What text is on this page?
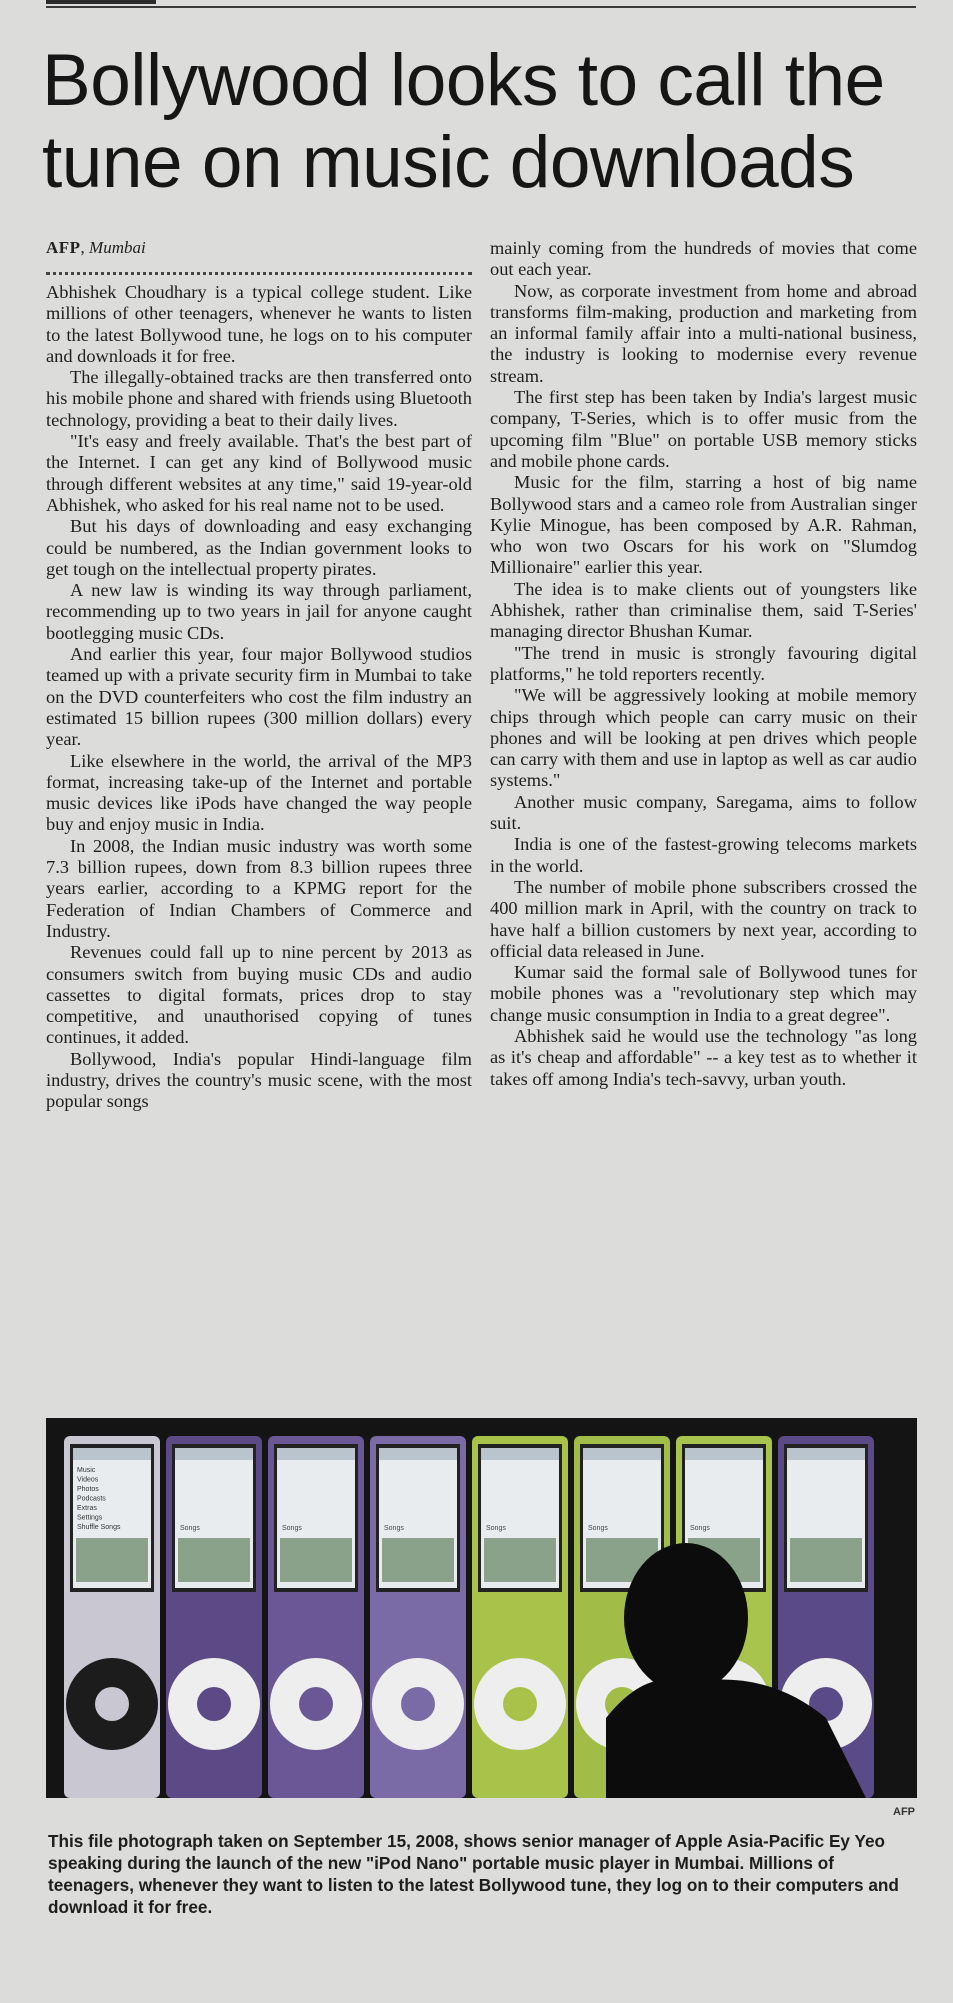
Bollywood looks to call the tune on music downloads
AFP, Mumbai

Abhishek Choudhary is a typical college student. Like millions of other teenagers, whenever he wants to listen to the latest Bollywood tune, he logs on to his computer and downloads it for free.

The illegally-obtained tracks are then transferred onto his mobile phone and shared with friends using Bluetooth technology, providing a beat to their daily lives.

"It's easy and freely available. That's the best part of the Internet. I can get any kind of Bollywood music through different websites at any time," said 19-year-old Abhishek, who asked for his real name not to be used.

But his days of downloading and easy exchanging could be numbered, as the Indian government looks to get tough on the intellectual property pirates.

A new law is winding its way through parliament, recommending up to two years in jail for anyone caught bootlegging music CDs.

And earlier this year, four major Bollywood studios teamed up with a private security firm in Mumbai to take on the DVD counterfeiters who cost the film industry an estimated 15 billion rupees (300 million dollars) every year.

Like elsewhere in the world, the arrival of the MP3 format, increasing take-up of the Internet and portable music devices like iPods have changed the way people buy and enjoy music in India.

In 2008, the Indian music industry was worth some 7.3 billion rupees, down from 8.3 billion rupees three years earlier, according to a KPMG report for the Federation of Indian Chambers of Commerce and Industry.

Revenues could fall up to nine percent by 2013 as consumers switch from buying music CDs and audio cassettes to digital formats, prices drop to stay competitive, and unauthorised copying of tunes continues, it added.

Bollywood, India's popular Hindi-language film industry, drives the country's music scene, with the most popular songs

mainly coming from the hundreds of movies that come out each year.

Now, as corporate investment from home and abroad transforms film-making, production and marketing from an informal family affair into a multi-national business, the industry is looking to modernise every revenue stream.

The first step has been taken by India's largest music company, T-Series, which is to offer music from the upcoming film "Blue" on portable USB memory sticks and mobile phone cards.

Music for the film, starring a host of big name Bollywood stars and a cameo role from Australian singer Kylie Minogue, has been composed by A.R. Rahman, who won two Oscars for his work on "Slumdog Millionaire" earlier this year.

The idea is to make clients out of youngsters like Abhishek, rather than criminalise them, said T-Series' managing director Bhushan Kumar.

"The trend in music is strongly favouring digital platforms," he told reporters recently.

"We will be aggressively looking at mobile memory chips through which people can carry music on their phones and will be looking at pen drives which people can carry with them and use in laptop as well as car audio systems."

Another music company, Saregama, aims to follow suit.

India is one of the fastest-growing telecoms markets in the world.

The number of mobile phone subscribers crossed the 400 million mark in April, with the country on track to have half a billion customers by next year, according to official data released in June.

Kumar said the formal sale of Bollywood tunes for mobile phones was a "revolutionary step which may change music consumption in India to a great degree".

Abhishek said he would use the technology "as long as it's cheap and affordable" -- a key test as to whether it takes off among India's tech-savvy, urban youth.

Music
Videos
Photos
Podcasts
Extras
Settings
Shuffle Songs	Songs	Songs	Songs	Songs	Songs	Songs
AFP

This file photograph taken on September 15, 2008, shows senior manager of Apple Asia-Pacific Ey Yeo speaking during the launch of the new "iPod Nano" portable music player in Mumbai. Millions of teenagers, whenever they want to listen to the latest Bollywood tune, they log on to their computers and download it for free.
